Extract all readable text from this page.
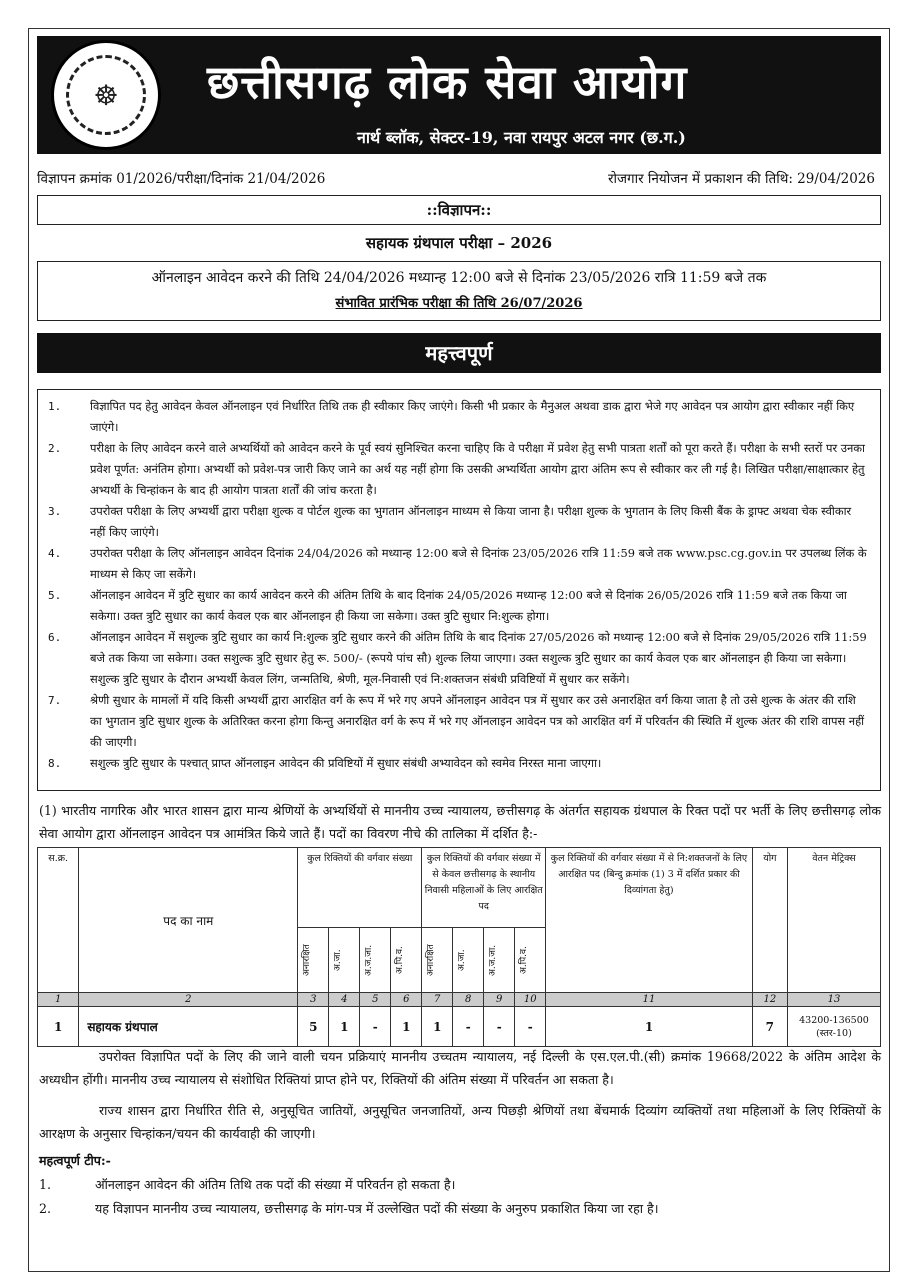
☸	छत्तीसगढ़ लोक सेवा आयोग
नार्थ ब्लॉक, सेक्टर-19, नवा रायपुर अटल नगर (छ.ग.)
विज्ञापन क्रमांक 01/2026/परीक्षा/दिनांक 21/04/2026	रोजगार नियोजन में प्रकाशन की तिथि: 29/04/2026
::विज्ञापन::
सहायक ग्रंथपाल परीक्षा – 2026
ऑनलाइन आवेदन करने की तिथि 24/04/2026 मध्यान्ह 12:00 बजे से दिनांक 23/05/2026 रात्रि 11:59 बजे तक
संभावित प्रारंभिक परीक्षा की तिथि 26/07/2026
महत्त्वपूर्ण
1.	विज्ञापित पद हेतु आवेदन केवल ऑनलाइन एवं निर्धारित तिथि तक ही स्वीकार किए जाएंगे। किसी भी प्रकार के मैनुअल अथवा डाक द्वारा भेजे गए आवेदन पत्र आयोग द्वारा स्वीकार नहीं किए जाएंगे।
2.	परीक्षा के लिए आवेदन करने वाले अभ्यर्थियों को आवेदन करने के पूर्व स्वयं सुनिश्चित करना चाहिए कि वे परीक्षा में प्रवेश हेतु सभी पात्रता शर्तों को पूरा करते हैं। परीक्षा के सभी स्तरों पर उनका प्रवेश पूर्णत: अनंतिम होगा। अभ्यर्थी को प्रवेश-पत्र जारी किए जाने का अर्थ यह नहीं होगा कि उसकी अभ्यर्थिता आयोग द्वारा अंतिम रूप से स्वीकार कर ली गई है। लिखित परीक्षा/साक्षात्कार हेतु अभ्यर्थी के चिन्हांकन के बाद ही आयोग पात्रता शर्तों की जांच करता है।
3.	उपरोक्त परीक्षा के लिए अभ्यर्थी द्वारा परीक्षा शुल्क व पोर्टल शुल्क का भुगतान ऑनलाइन माध्यम से किया जाना है। परीक्षा शुल्क के भुगतान के लिए किसी बैंक के ड्राफ्ट अथवा चेक स्वीकार नहीं किए जाएंगे।
4.	उपरोक्त परीक्षा के लिए ऑनलाइन आवेदन दिनांक 24/04/2026 को मध्यान्ह 12:00 बजे से दिनांक 23/05/2026 रात्रि 11:59 बजे तक www.psc.cg.gov.in पर उपलब्ध लिंक के माध्यम से किए जा सकेंगे।
5.	ऑनलाइन आवेदन में त्रुटि सुधार का कार्य आवेदन करने की अंतिम तिथि के बाद दिनांक 24/05/2026 मध्यान्ह 12:00 बजे से दिनांक 26/05/2026 रात्रि 11:59 बजे तक किया जा सकेगा। उक्त त्रुटि सुधार का कार्य केवल एक बार ऑनलाइन ही किया जा सकेगा। उक्त त्रुटि सुधार नि:शुल्क होगा।
6.	ऑनलाइन आवेदन में सशुल्क त्रुटि सुधार का कार्य नि:शुल्क त्रुटि सुधार करने की अंतिम तिथि के बाद दिनांक 27/05/2026 को मध्यान्ह 12:00 बजे से दिनांक 29/05/2026 रात्रि 11:59 बजे तक किया जा सकेगा। उक्त सशुल्क त्रुटि सुधार हेतु रू. 500/- (रूपये पांच सौ) शुल्क लिया जाएगा। उक्त सशुल्क त्रुटि सुधार का कार्य केवल एक बार ऑनलाइन ही किया जा सकेगा। सशुल्क त्रुटि सुधार के दौरान अभ्यर्थी केवल लिंग, जन्मतिथि, श्रेणी, मूल-निवासी एवं नि:शक्तजन संबंधी प्रविष्टियों में सुधार कर सकेंगे।
7.	श्रेणी सुधार के मामलों में यदि किसी अभ्यर्थी द्वारा आरक्षित वर्ग के रूप में भरे गए अपने ऑनलाइन आवेदन पत्र में सुधार कर उसे अनारक्षित वर्ग किया जाता है तो उसे शुल्क के अंतर की राशि का भुगतान त्रुटि सुधार शुल्क के अतिरिक्त करना होगा किन्तु अनारक्षित वर्ग के रूप में भरे गए ऑनलाइन आवेदन पत्र को आरक्षित वर्ग में परिवर्तन की स्थिति में शुल्क अंतर की राशि वापस नहीं की जाएगी।
8.	सशुल्क त्रुटि सुधार के पश्चात् प्राप्त ऑनलाइन आवेदन की प्रविष्टियों में सुधार संबंधी अभ्यावेदन को स्वमेव निरस्त माना जाएगा।
(1) भारतीय नागरिक और भारत शासन द्वारा मान्य श्रेणियों के अभ्यर्थियों से माननीय उच्च न्यायालय, छत्तीसगढ़ के अंतर्गत सहायक ग्रंथपाल के रिक्त पदों पर भर्ती के लिए छत्तीसगढ़ लोक सेवा आयोग द्वारा ऑनलाइन आवेदन पत्र आमंत्रित किये जाते हैं। पदों का विवरण नीचे की तालिका में दर्शित है:-
स.क्र.	पद का नाम	कुल रिक्तियों की वर्गवार संख्या				कुल रिक्तियों की वर्गवार संख्या में से केवल छत्तीसगढ़ के स्थानीय निवासी महिलाओं के लिए आरक्षित पद				कुल रिक्तियों की वर्गवार संख्या में से नि:शक्तजनों के लिए आरक्षित पद (बिन्दु क्रमांक (1) 3 में दर्शित प्रकार की दिव्यांगता हेतु)	योग	वेतन मेट्रिक्स

		अनारक्षित	अ.जा.	अ.ज.जा.	अ.पि.व.	अनारक्षित	अ.जा.	अ.ज.जा.	अ.पि.व.			

1	2	3	4	5	6	7	8	9	10	11	12	13
1	सहायक ग्रंथपाल	5	1	-	1	1	-	-	-	1	7	43200-136500
(स्तर-10)
उपरोक्त विज्ञापित पदों के लिए की जाने वाली चयन प्रक्रियाएं माननीय उच्चतम न्यायालय, नई दिल्ली के एस.एल.पी.(सी) क्रमांक 19668/2022 के अंतिम आदेश के अध्यधीन होंगी। माननीय उच्च न्यायालय से संशोधित रिक्तियां प्राप्त होने पर, रिक्तियों की अंतिम संख्या में परिवर्तन आ सकता है।
राज्य शासन द्वारा निर्धारित रीति से, अनुसूचित जातियों, अनुसूचित जनजातियों, अन्य पिछड़ी श्रेणियों तथा बेंचमार्क दिव्यांग व्यक्तियों तथा महिलाओं के लिए रिक्तियों के आरक्षण के अनुसार चिन्हांकन/चयन की कार्यवाही की जाएगी।
महत्वपूर्ण टीप:-
1.	ऑनलाइन आवेदन की अंतिम तिथि तक पदों की संख्या में परिवर्तन हो सकता है।
2.	यह विज्ञापन माननीय उच्च न्यायालय, छत्तीसगढ़ के मांग-पत्र में उल्लेखित पदों की संख्या के अनुरुप प्रकाशित किया जा रहा है।
